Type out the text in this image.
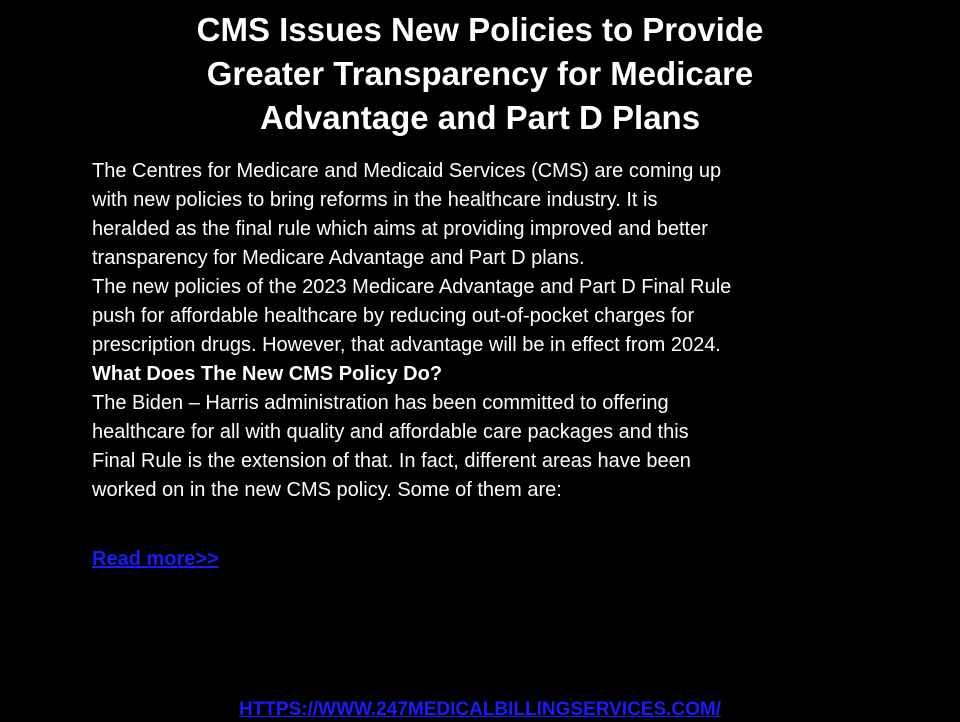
CMS Issues New Policies to Provide
Greater Transparency for Medicare
Advantage and Part D Plans
The Centres for Medicare and Medicaid Services (CMS) are coming up
with new policies to bring reforms in the healthcare industry. It is
heralded as the final rule which aims at providing improved and better
transparency for Medicare Advantage and Part D plans.
The new policies of the 2023 Medicare Advantage and Part D Final Rule
push for affordable healthcare by reducing out-of-pocket charges for
prescription drugs. However, that advantage will be in effect from 2024.
What Does The New CMS Policy Do?
The Biden – Harris administration has been committed to offering
healthcare for all with quality and affordable care packages and this
Final Rule is the extension of that. In fact, different areas have been
worked on in the new CMS policy. Some of them are:
Read more>>
HTTPS://WWW.247MEDICALBILLINGSERVICES.COM/
